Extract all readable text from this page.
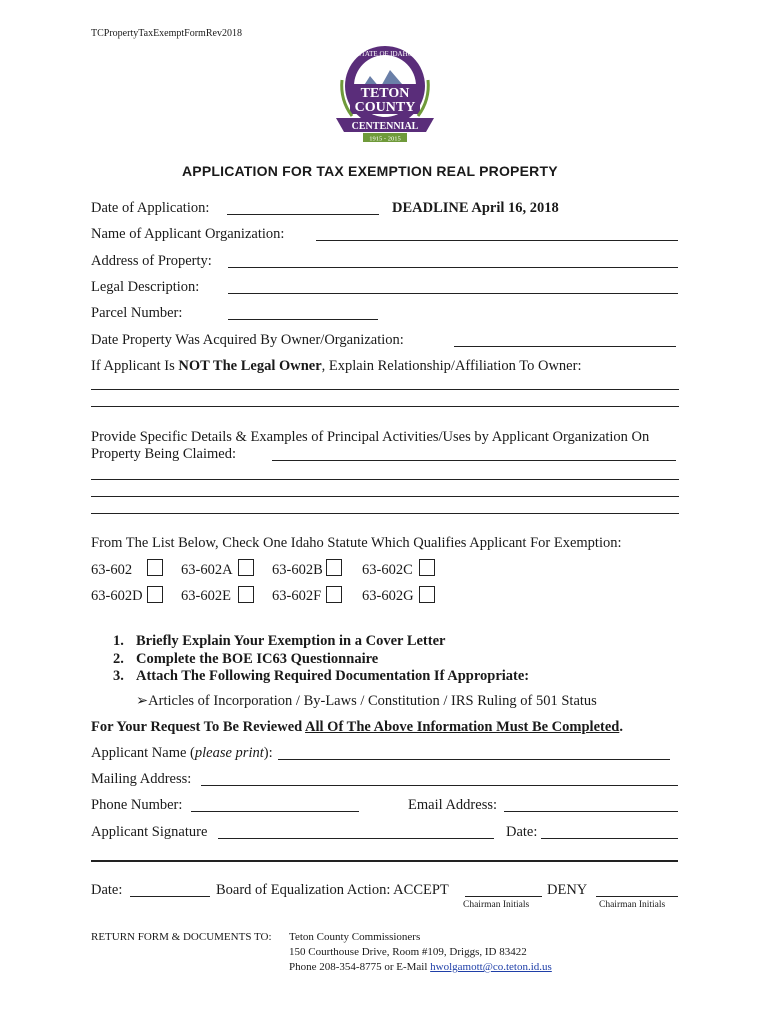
TCPropertyTaxExemptFormRev2018
TETON
COUNTY
CENTENNIAL
1915 - 2015
STATE OF IDAHO
APPLICATION FOR TAX EXEMPTION REAL PROPERTY
Date of Application:	DEADLINE April 16, 2018
Name of Applicant Organization:
Address of Property:
Legal Description:
Parcel Number:
Date Property Was Acquired By Owner/Organization:
If Applicant Is NOT The Legal Owner, Explain Relationship/Affiliation To Owner:
Provide Specific Details & Examples of Principal Activities/Uses by Applicant Organization On
Property Being Claimed:
From The List Below, Check One Idaho Statute Which Qualifies Applicant For Exemption:
63-602	63-602A	63-602B	63-602C
63-602D	63-602E	63-602F	63-602G
1. Briefly Explain Your Exemption in a Cover Letter
2. Complete the BOE IC63 Questionnaire
3. Attach The Following Required Documentation If Appropriate:
➢Articles of Incorporation / By-Laws / Constitution / IRS Ruling of 501 Status
For Your Request To Be Reviewed All Of The Above Information Must Be Completed.
Applicant Name (please print):
Mailing Address:
Phone Number:	Email Address:
Applicant Signature	Date:
Date:	Board of Equalization Action: ACCEPT	DENY
Chairman Initials	Chairman Initials
RETURN FORM & DOCUMENTS TO: Teton County Commissioners
150 Courthouse Drive, Room #109, Driggs, ID 83422
Phone 208-354-8775 or E-Mail hwolgamott@co.teton.id.us
